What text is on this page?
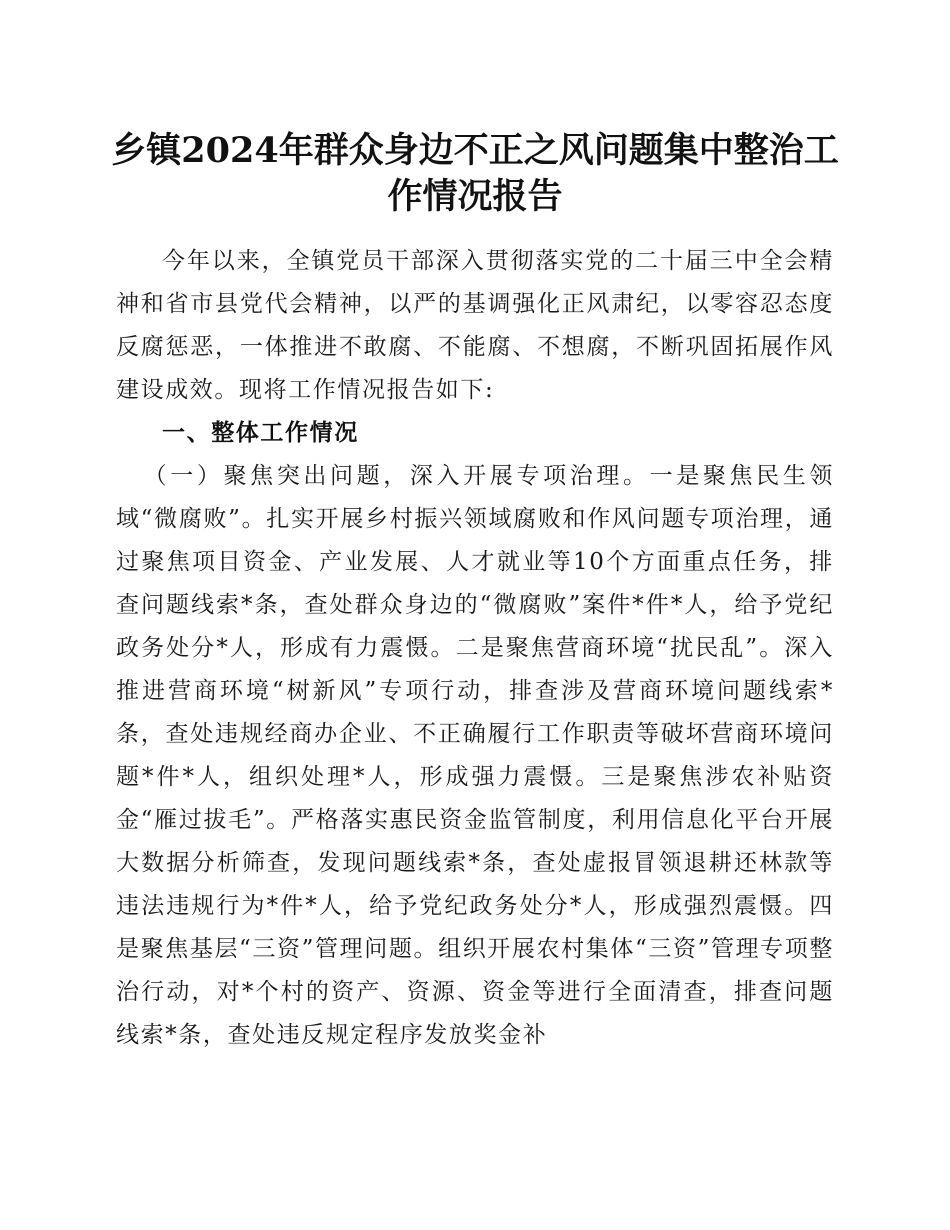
乡镇2024年群众身边不正之风问题集中整治工作情况报告

今年以来，全镇党员干部深入贯彻落实党的二十届三中全会精神和省市县党代会精神，以严的基调强化正风肃纪，以零容忍态度反腐惩恶，一体推进不敢腐、不能腐、不想腐，不断巩固拓展作风建设成效。现将工作情况报告如下:

一、整体工作情况

（一）聚焦突出问题，深入开展专项治理。一是聚焦民生领域“微腐败”。扎实开展乡村振兴领域腐败和作风问题专项治理，通过聚焦项目资金、产业发展、人才就业等10个方面重点任务，排查问题线索*条，查处群众身边的“微腐败”案件*件*人，给予党纪政务处分*人，形成有力震慑。二是聚焦营商环境“扰民乱”。深入推进营商环境“树新风”专项行动，排查涉及营商环境问题线索*条，查处违规经商办企业、不正确履行工作职责等破坏营商环境问题*件*人，组织处理*人，形成强力震慑。三是聚焦涉农补贴资金“雁过拔毛”。严格落实惠民资金监管制度，利用信息化平台开展大数据分析筛查，发现问题线索*条，查处虚报冒领退耕还林款等违法违规行为*件*人，给予党纪政务处分*人，形成强烈震慑。四是聚焦基层“三资”管理问题。组织开展农村集体“三资”管理专项整治行动，对*个村的资产、资源、资金等进行全面清查，排查问题线索*条，查处违反规定程序发放奖金补
